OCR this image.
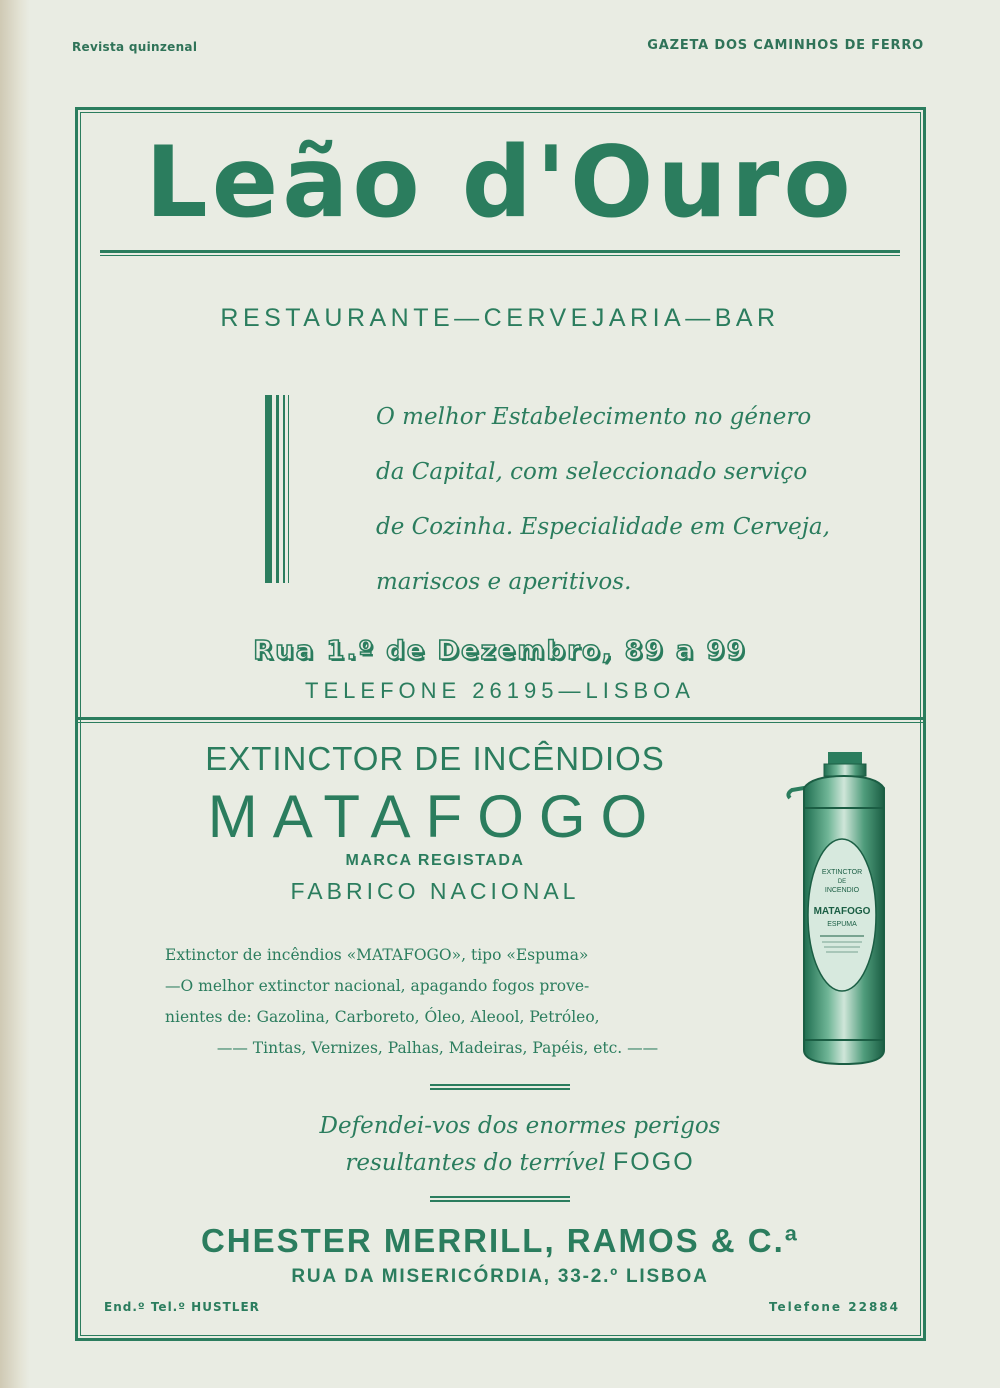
Revista quinzenal	GAZETA DOS CAMINHOS DE FERRO
Leão d'Ouro
RESTAURANTE—CERVEJARIA—BAR
O melhor Estabelecimento no género
da Capital, com seleccionado serviço
de Cozinha. Especialidade em Cerveja,
mariscos e aperitivos.
Rua 1.º de Dezembro, 89 a 99
TELEFONE 26195—LISBOA
EXTINCTOR DE INCÊNDIOS
MATAFOGO
MARCA REGISTADA
FABRICO NACIONAL

Extinctor de incêndios «MATAFOGO», tipo «Espuma»

—O melhor extinctor nacional, apagando fogos prove-

nientes de: Gazolina, Carboreto, Óleo, Aleool, Petróleo,

—— Tintas, Vernizes, Palhas, Madeiras, Papéis, etc. ——

Defendei-vos dos enormes perigos
resultantes do terrível FOGO
CHESTER MERRILL, RAMOS & C.ª
RUA DA MISERICÓRDIA, 33-2.º LISBOA
End.º Tel.º HUSTLER	Telefone 22884
EXTINCTOR
DE
INCENDIO
MATAFOGO
ESPUMA
